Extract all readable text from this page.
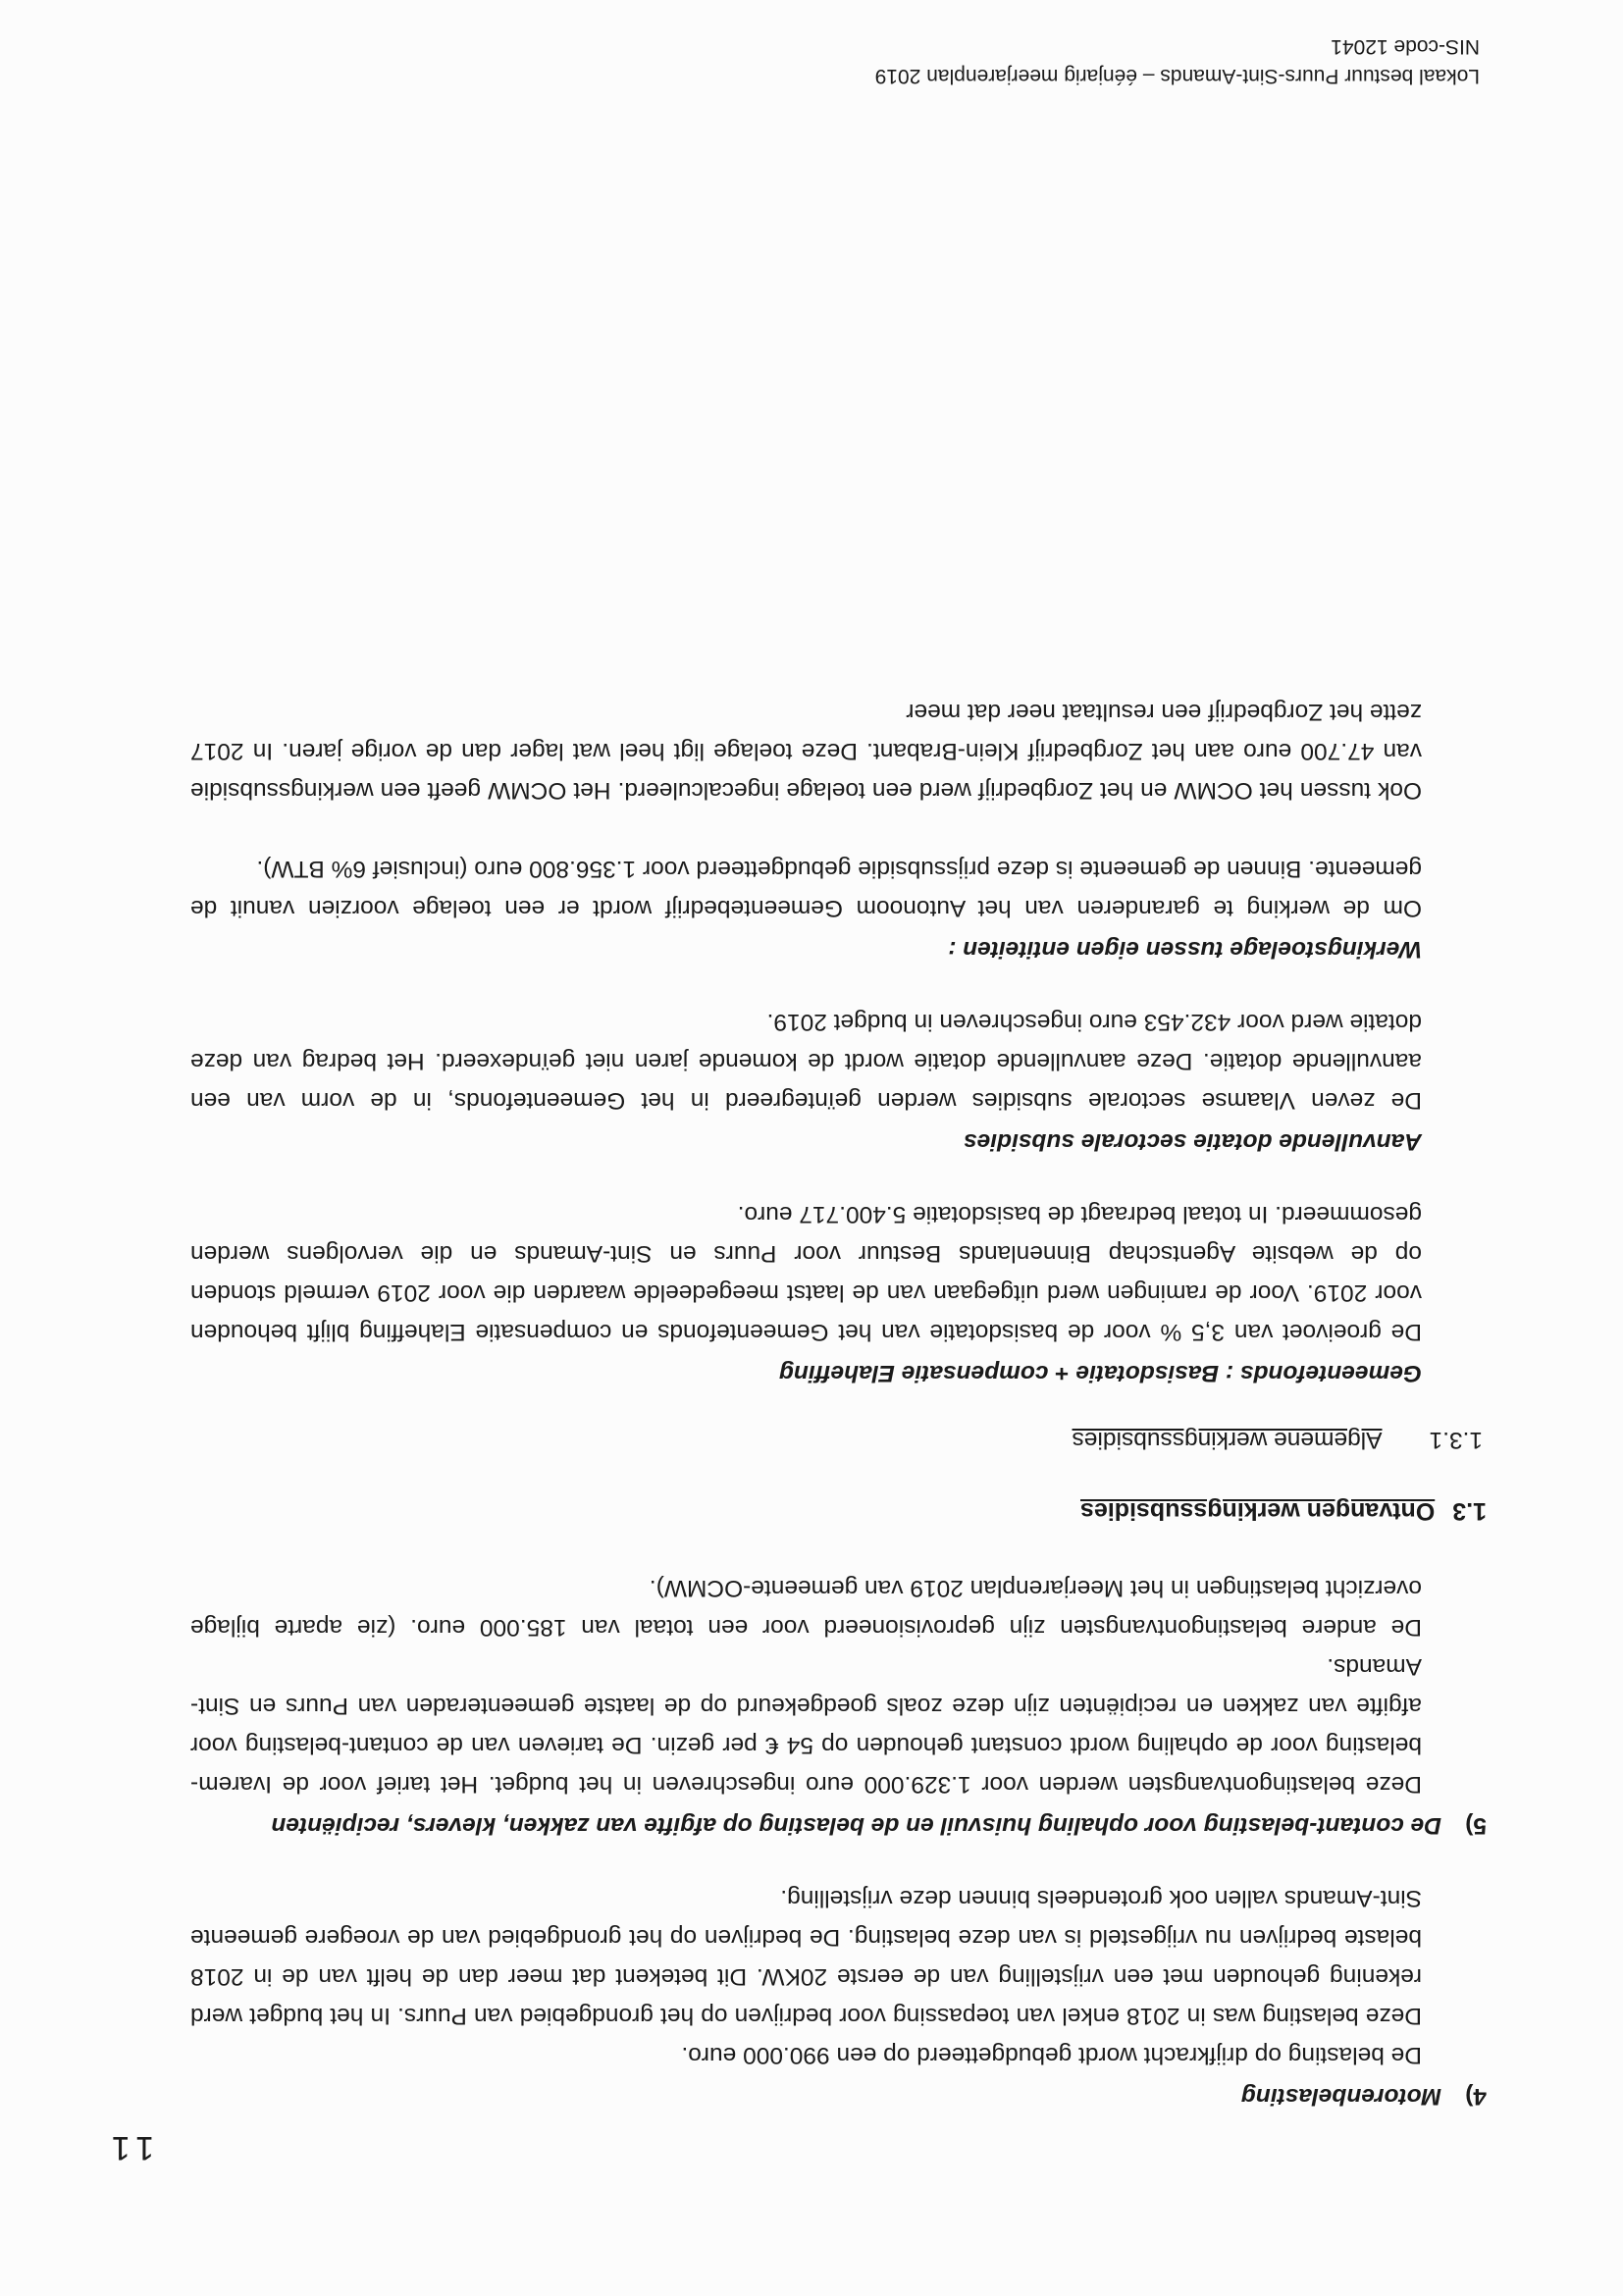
Lokaal bestuur Puurs-Sint-Amands – éénjarig meerjarenplan 2019
NIS-code 12041
11
4)
Motorenbelasting

De belasting op drijfkracht wordt gebudgetteerd op een 990.000 euro.

Deze belasting was in 2018 enkel van toepassing voor bedrijven op het grondgebied van Puurs. In het budget werd rekening gehouden met een vrijstelling van de eerste 20KW. Dit betekent dat meer dan de helft van de in 2018 belaste bedrijven nu vrijgesteld is van deze belasting. De bedrijven op het grondgebied van de vroegere gemeente Sint-Amands vallen ook grotendeels binnen deze vrijstelling.

5)
De contant-belasting voor ophaling huisvuil en de belasting op afgifte van zakken, klevers, recipiënten

Deze belastingontvangsten werden voor 1.329.000 euro ingeschreven in het budget. Het tarief voor de Ivarem-belasting voor de ophaling wordt constant gehouden op 54 € per gezin. De tarieven van de contant-belasting voor afgifte van zakken en recipiënten zijn deze zoals goedgekeurd op de laatste gemeenteraden van Puurs en Sint-Amands.

De andere belastingontvangsten zijn geprovisioneerd voor een totaal van 185.000 euro. (zie aparte bijlage overzicht belastingen in het Meerjarenplan 2019 van gemeente-OCMW).

1.3Ontvangen werkingssubsidies
1.3.1Algemene werkingssubsidies
Gemeentefonds : Basisdotatie + compensatie Elaheffing

De groeivoet van 3,5 % voor de basisdotatie van het Gemeentefonds en compensatie Elaheffing blijft behouden voor 2019. Voor de ramingen werd uitgegaan van de laatst meegedeelde waarden die voor 2019 vermeld stonden op de website Agentschap Binnenlands Bestuur voor Puurs en Sint-Amands en die vervolgens werden gesommeerd. In totaal bedraagt de basisdotatie 5.400.717 euro.

Aanvullende dotatie sectorale subsidies

De zeven Vlaamse sectorale subsidies werden geïntegreerd in het Gemeentefonds, in de vorm van een aanvullende dotatie. Deze aanvullende dotatie wordt de komende jaren niet geïndexeerd. Het bedrag van deze dotatie werd voor 432.453 euro ingeschreven in budget 2019.

Werkingstoelage tussen eigen entiteiten :

Om de werking te garanderen van het Autonoom Gemeentebedrijf wordt er een toelage voorzien vanuit de gemeente. Binnen de gemeente is deze prijssubsidie gebudgetteerd voor 1.356.800 euro (inclusief 6% BTW).

Ook tussen het OCMW en het Zorgbedrijf werd een toelage ingecalculeerd. Het OCMW geeft een werkingssubsidie van 47.700 euro aan het Zorgbedrijf Klein-Brabant. Deze toelage ligt heel wat lager dan de vorige jaren. In 2017 zette het Zorgbedrijf een resultaat neer dat meer
